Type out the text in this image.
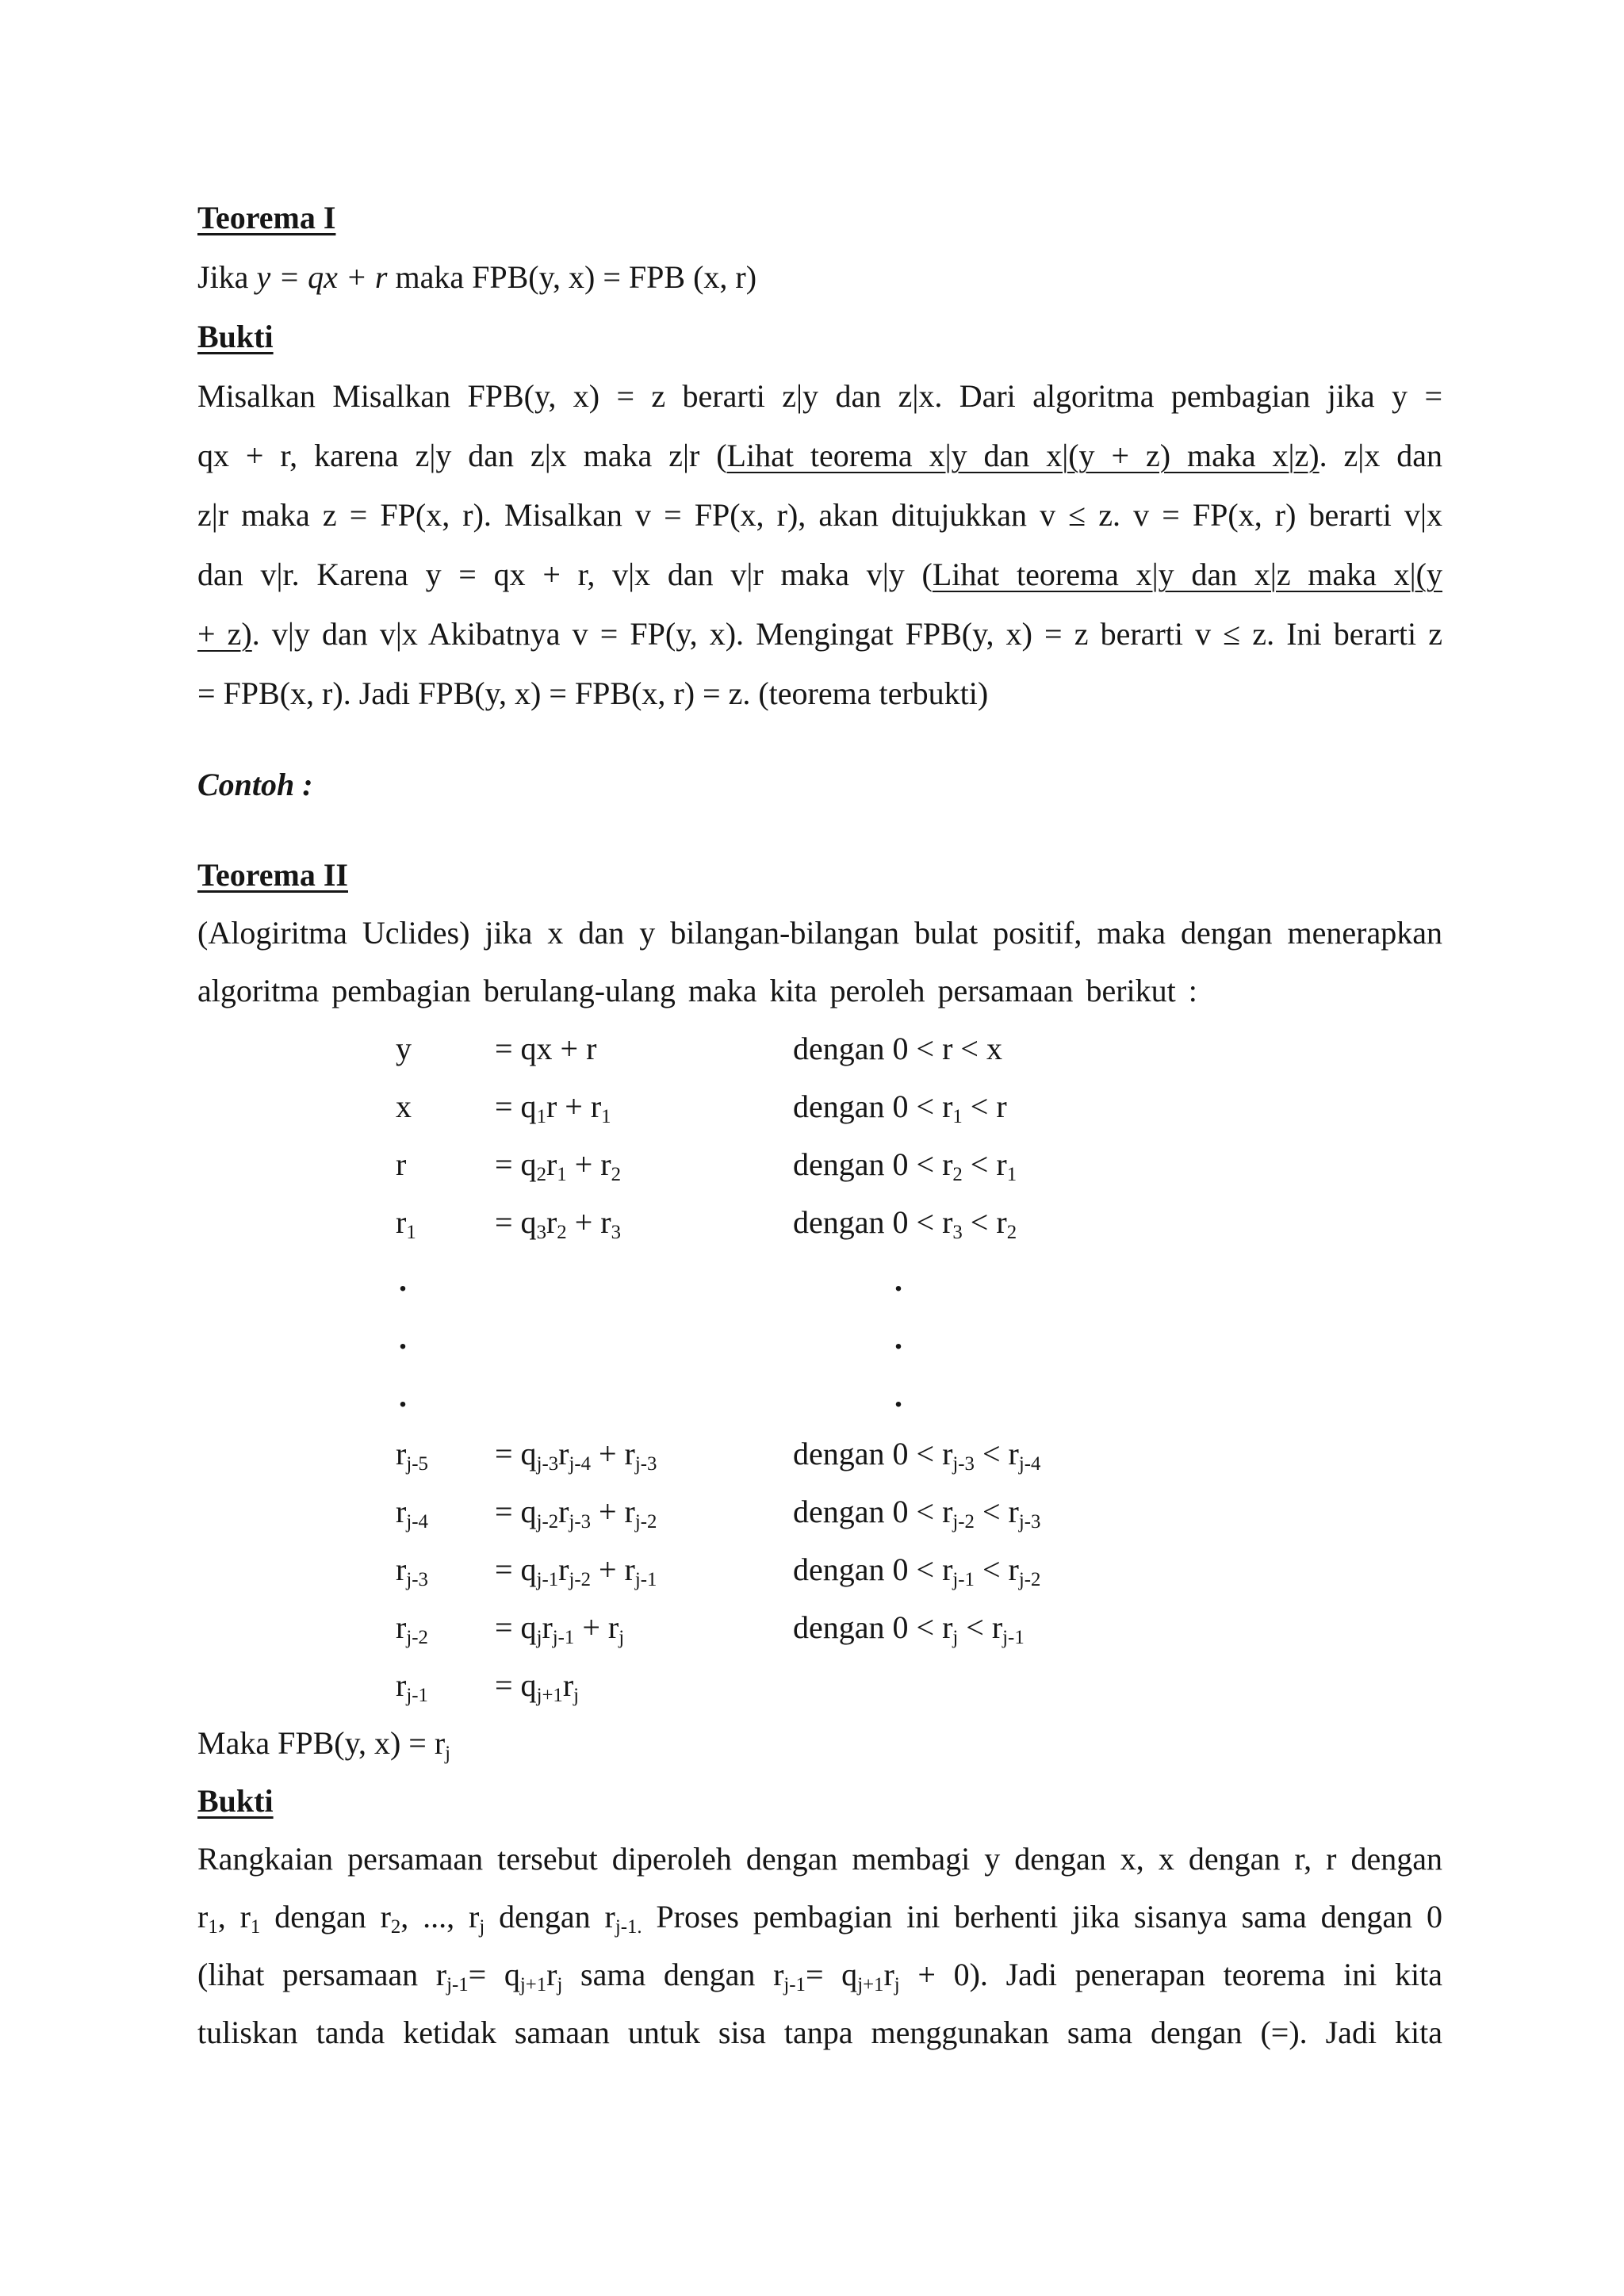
Teorema I
Jika y = qx + r maka FPB(y, x) = FPB (x, r)
Bukti
Misalkan Misalkan FPB(y, x) = z berarti z|y dan z|x. Dari algoritma pembagian jika y =
qx + r, karena z|y dan z|x maka z|r (Lihat teorema x|y dan x|(y + z) maka x|z). z|x dan
z|r maka z = FP(x, r). Misalkan v = FP(x, r), akan ditujukkan v ≤ z. v = FP(x, r) berarti v|x
dan v|r. Karena y = qx + r, v|x dan v|r maka v|y (Lihat teorema x|y dan x|z maka x|(y
+ z). v|y dan v|x Akibatnya v = FP(y, x). Mengingat FPB(y, x) = z berarti v ≤ z. Ini berarti z
= FPB(x, r). Jadi FPB(y, x) = FPB(x, r) = z. (teorema terbukti)
Contoh :
Teorema II
(Alogiritma Uclides) jika x dan y bilangan-bilangan bulat positif, maka dengan menerapkan
algoritma pembagian berulang-ulang maka kita peroleh persamaan berikut :
y	= qx + r	dengan 0 < r < x
x	= $q_1r + r_1$	dengan $0 < r_1 < r$
r	= $q_2r_1 + r_2$	dengan $0 < r_2 < r_1$
$r_1 = q_3r_2 + r_3$	dengan $0 < r_3 < r_2$
.	.
.	.
.	.
$r_{j-5} = q_{j-3}r_{j-4} + r_{j-3}$	dengan $0 < r_{j-3} < r_{j-4}$
$r_{j-4} = q_{j-2}r_{j-3} + r_{j-2}$	dengan $0 < r_{j-2} < r_{j-3}$
$r_{j-3} = q_{j-1}r_{j-2} + r_{j-1}$	dengan $0 < r_{j-1} < r_{j-2}$
$r_{j-2} = q_jr_{j-1} + r_j$	dengan $0 < r_j < r_{j-1}$
$r_{j-1} = q_{j+1}r_j$
Maka FPB(y, $x) = r_j$
Bukti
Rangkaian persamaan tersebut diperoleh dengan membagi y dengan x, x dengan r, r dengan
$r_1$, $r_1$ dengan $r_2$, ..., $r_j$ dengan $r_{j-1.}$ Proses pembagian ini berhenti jika sisanya sama dengan 0
(lihat persamaan $r_{j-1}= q_{j+1}r_j$ sama dengan $r_{j-1}= q_{j+1}r_j + 0$). Jadi penerapan teorema ini kita
tuliskan tanda ketidak samaan untuk sisa tanpa menggunakan sama dengan (=). Jadi kita
